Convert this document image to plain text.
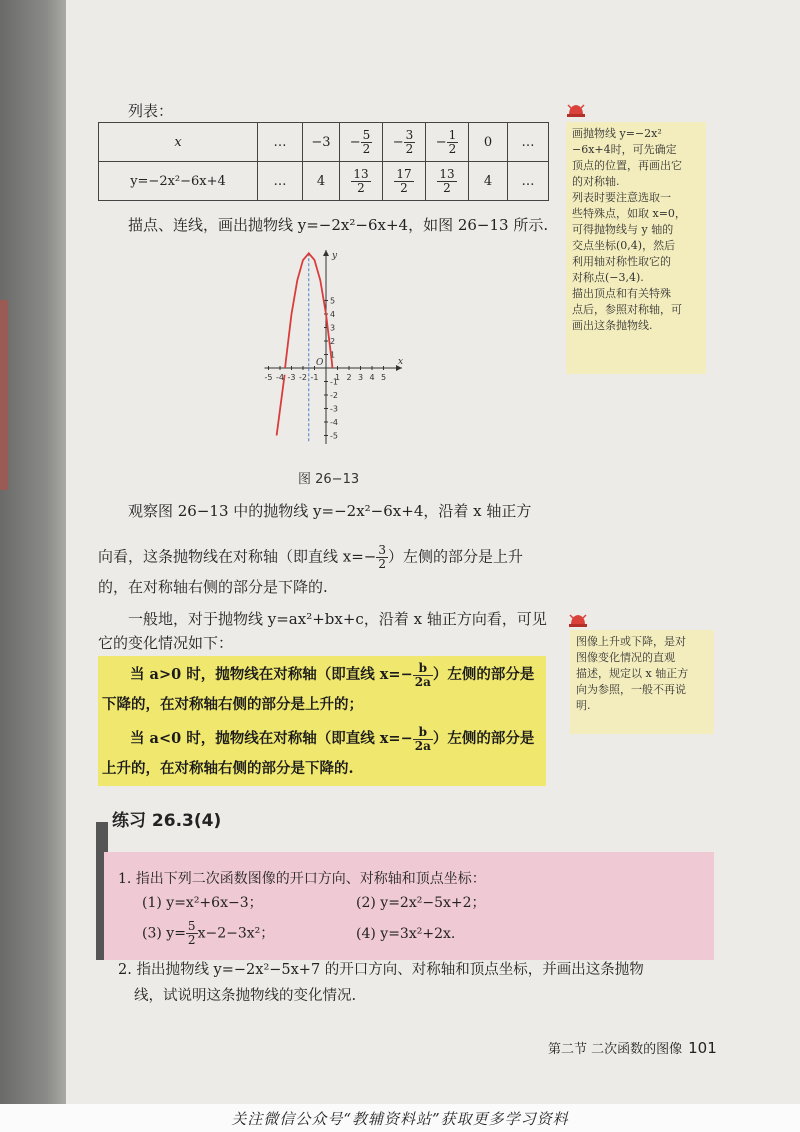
列表：
x	…	−3	− $\frac{5}{2}$	− $\frac{3}{2}$	− $\frac{1}{2}$	0	…
y=−2x²−6x+4	…	4	$\frac{13}{2}$	$\frac{17}{2}$	$\frac{13}{2}$	4	…
描点、连线，画出抛物线 y=−2x²−6x+4，如图 26−13 所示.
-5 -4 -3 -2 -1 1 2 3 4 5
-5
-4
-3
-2
-1
1
2
3
4
5
x
y
O
图 26−13
观察图 26−13 中的抛物线 y=−2x²−6x+4，沿着 x 轴正方
向看，这条抛物线在对称轴（即直线 $x=- \frac{3}{2}$ ）左侧的部分是上升
的，在对称轴右侧的部分是下降的.
一般地，对于抛物线 y=ax²+bx+c，沿着 x 轴正方向看，可见
它的变化情况如下：
当 a>0 时，抛物线在对称轴（即直线 $x=- \frac{b}{2a}$ ）左侧的部分是
下降的，在对称轴右侧的部分是上升的；
当 a<0 时，抛物线在对称轴（即直线 $x=- \frac{b}{2a}$ ）左侧的部分是
上升的，在对称轴右侧的部分是下降的.
画抛物线 y=−2x²
−6x+4时，可先确定
顶点的位置，再画出它
的对称轴.
列表时要注意选取一
些特殊点，如取 x=0，
可得抛物线与 y 轴的
交点坐标(0,4)，然后
利用轴对称性取它的
对称点(−3,4).
描出顶点和有关特殊
点后，参照对称轴，可
画出这条抛物线.
图像上升或下降，是对
图像变化情况的直观
描述，规定以 x 轴正方
向为参照，一般不再说
明.
练习 26.3(4)
1. 指出下列二次函数图像的开口方向、对称轴和顶点坐标：
(1) y=x²+6x−3；	(2) y=2x²−5x+2；
(3) $y= \frac{5}{2} x-2-3x^2$；	(4) y=3x²+2x.
2. 指出抛物线 y=−2x²−5x+7 的开口方向、对称轴和顶点坐标，并画出这条抛物
线，试说明这条抛物线的变化情况.
第二节 二次函数的图像 101
关注微信公众号“教辅资料站”获取更多学习资料
